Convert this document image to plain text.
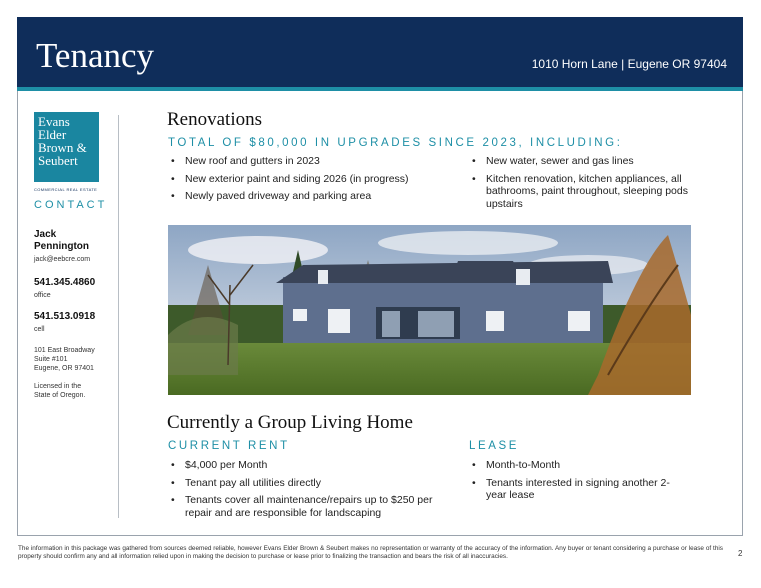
Tenancy	1010 Horn Lane | Eugene OR 97404
Evans
Elder
Brown &
Seubert
COMMERCIAL REAL ESTATE
CONTACT
Jack
Pennington
jack@eebcre.com
541.345.4860
office
541.513.0918
cell
101 East Broadway
Suite #101
Eugene, OR 97401
Licensed in the
State of Oregon.
Renovations
TOTAL OF $80,000 IN UPGRADES SINCE 2023, INCLUDING:
• New roof and gutters in 2023
• New exterior paint and siding 2026 (in progress)
• Newly paved driveway and parking area
• New water, sewer and gas lines
• Kitchen renovation, kitchen appliances, all bathrooms, paint throughout, sleeping pods upstairs
Currently a Group Living Home
CURRENT RENT
• $4,000 per Month
• Tenant pay all utilities directly
• Tenants cover all maintenance/repairs up to $250 per repair and are responsible for landscaping
LEASE
• Month-to-Month
• Tenants interested in signing another 2-year lease
The information in this package was gathered from sources deemed reliable, however Evans Elder Brown & Seubert makes no representation or warranty of the accuracy of the information. Any buyer or tenant considering a purchase or lease of this property should confirm any and all information relied upon in making the decision to purchase or lease prior to finalizing the transaction and bears the risk of all inaccuracies.	2
